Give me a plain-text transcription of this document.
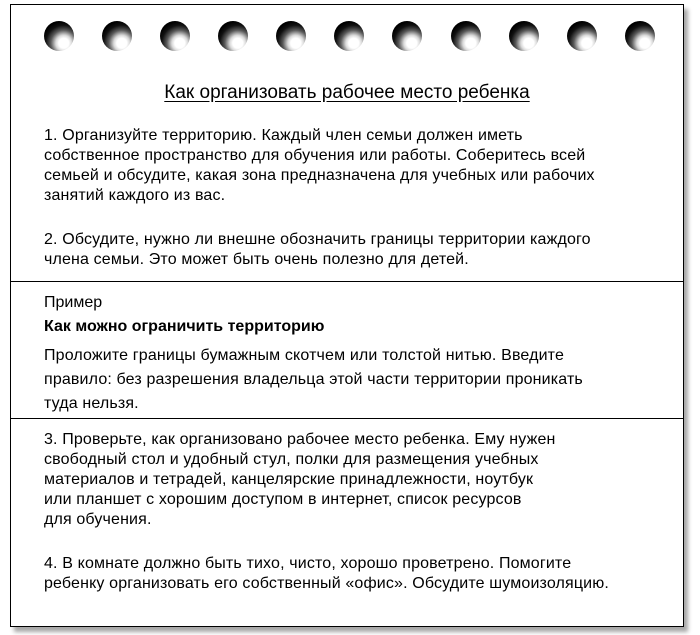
Как организовать рабочее место ребенка
1. Организуйте территорию. Каждый член семьи должен иметь
собственное пространство для обучения или работы. Соберитесь всей
семьей и обсудите, какая зона предназначена для учебных или рабочих
занятий каждого из вас.
2. Обсудите, нужно ли внешне обозначить границы территории каждого
члена семьи. Это может быть очень полезно для детей.
Пример
Как можно ограничить территорию
Проложите границы бумажным скотчем или толстой нитью. Введите
правило: без разрешения владельца этой части территории проникать
туда нельзя.
3. Проверьте, как организовано рабочее место ребенка. Ему нужен
свободный стол и удобный стул, полки для размещения учебных
материалов и тетрадей, канцелярские принадлежности, ноутбук
или планшет с хорошим доступом в интернет, список ресурсов
для обучения.
4. В комнате должно быть тихо, чисто, хорошо проветрено. Помогите
ребенку организовать его собственный «офис». Обсудите шумоизоляцию.
